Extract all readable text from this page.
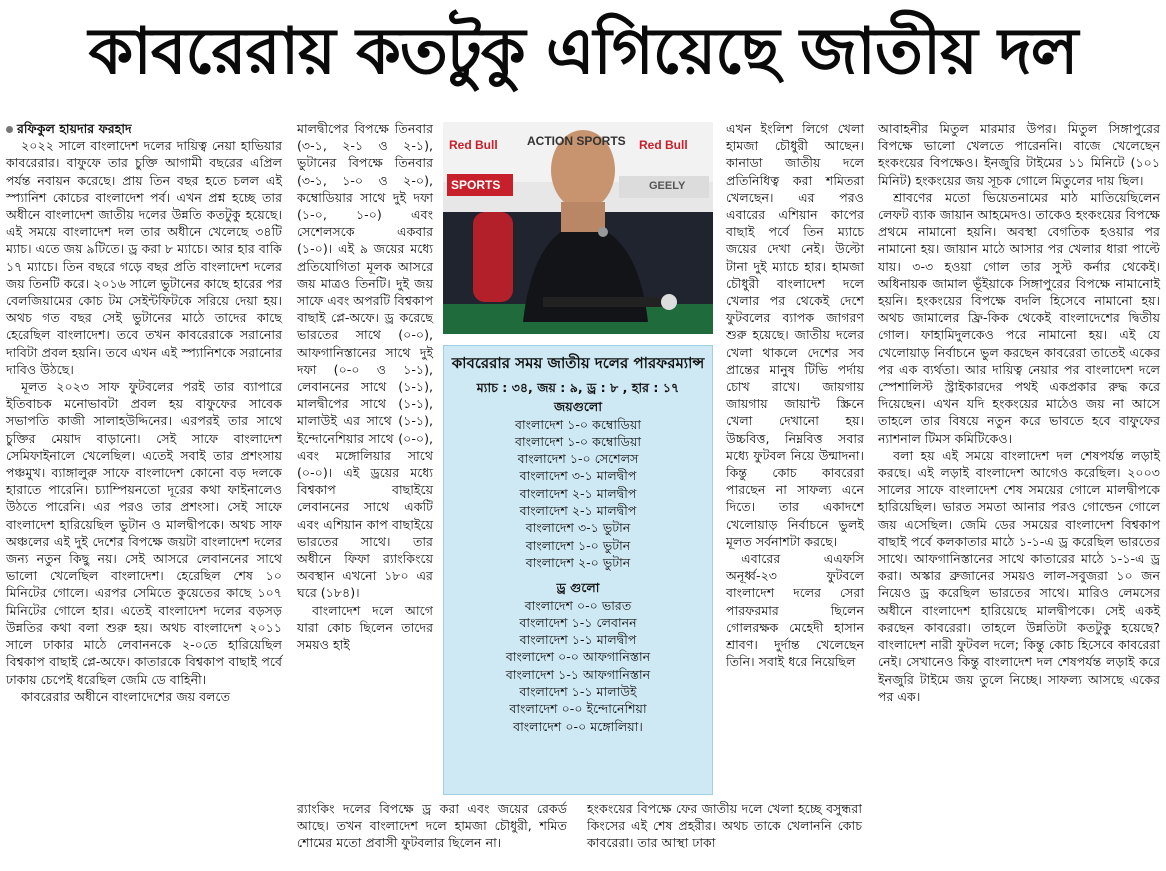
কাবরেরায় কতটুকু এগিয়েছে জাতীয় দল

রফিকুল হায়দার ফরহাদ

২০২২ সালে বাংলাদেশ দলের দায়িত্ব নেয়া হাভিয়ার কাবরেরার। বাফুফে তার চুক্তি আগামী বছরের এপ্রিল পর্যন্ত নবায়ন করেছে। প্রায় তিন বছর হতে চলল এই স্প্যানিশ কোচের বাংলাদেশ পর্ব। এখন প্রশ্ন হচ্ছে তার অধীনে বাংলাদেশ জাতীয় দলের উন্নতি কতটুকু হয়েছে। এই সময়ে বাংলাদেশ দল তার অধীনে খেলেছে ৩৪টি ম্যাচ। এতে জয় ৯টিতে। ড্র করা ৮ ম্যাচে। আর হার বাকি ১৭ ম্যাচে। তিন বছরে গড়ে বছর প্রতি বাংলাদেশ দলের জয় তিনটি করে। ২০১৬ সালে ভুটানের কাছে হারের পর বেলজিয়ামের কোচ টম সেইন্টফিটকে সরিয়ে দেয়া হয়। অথচ গত বছর সেই ভুটানের মাঠে তাদের কাছে হেরেছিল বাংলাদেশ। তবে তখন কাবরেরাকে সরানোর দাবিটা প্রবল হয়নি। তবে এখন এই স্প্যানিশকে সরানোর দাবিও উঠছে।

মূলত ২০২৩ সাফ ফুটবলের পরই তার ব্যাপারে ইতিবাচক মনোভাবটা প্রবল হয় বাফুফের সাবেক সভাপতি কাজী সালাহউদ্দিনের। এরপরই তার সাথে চুক্তির মেয়াদ বাড়ানো। সেই সাফে বাংলাদেশ সেমিফাইনালে খেলেছিল। এতেই সবাই তার প্রশংসায় পঞ্চমুখ। ব্যাঙ্গালুরু সাফে বাংলাদেশ কোনো বড় দলকে হারাতে পারেনি। চ্যাম্পিয়নতো দূরের কথা ফাইনালেও উঠতে পারেনি। এর পরও তার প্রশংসা। সেই সাফে বাংলাদেশ হারিয়েছিল ভুটান ও মালদ্বীপকে। অথচ সাফ অঞ্চলের এই দুই দেশের বিপক্ষে জয়টা বাংলাদেশ দলের জন্য নতুন কিছু নয়। সেই আসরে লেবাননের সাথে ভালো খেলেছিল বাংলাদেশ। হেরেছিল শেষ ১০ মিনিটের গোলে। এরপর সেমিতে কুয়েতের কাছে ১০৭ মিনিটের গোলে হার। এতেই বাংলাদেশ দলের বড়সড় উন্নতির কথা বলা শুরু হয়। অথচ বাংলাদেশ ২০১১ সালে ঢাকার মাঠে লেবাননকে ২-০তে হারিয়েছিল বিশ্বকাপ বাছাই প্লে-অফে। কাতারকে বিশ্বকাপ বাছাই পর্বে ঢাকায় চেপেই ধরেছিল জেমি ডে বাহিনী।

কাবরেরার অধীনে বাংলাদেশের জয় বলতে

মালদ্বীপের বিপক্ষে তিনবার (৩-১, ২-১ ও ২-১), ভুটানের বিপক্ষে তিনবার (৩-১, ১-০ ও ২-০), কম্বোডিয়ার সাথে দুই দফা (১-০, ১-০) এবং সেশেলসকে একবার (১-০)। এই ৯ জয়ের মধ্যে প্রতিযোগিতা মূলক আসরে জয় মাত্রও তিনটি। দুই জয় সাফে এবং অপরটি বিশ্বকাপ বাছাই প্লে-অফে। ড্র করেছে ভারতের সাথে (০-০), আফগানিস্তানের সাথে দুই দফা (০-০ ও ১-১), লেবাননের সাথে (১-১), মালদ্বীপের সাথে (১-১), মালাউই এর সাথে (১-১), ইন্দোনেশিয়ার সাথে (০-০), এবং মঙ্গোলিয়ার সাথে (০-০)। এই ড্রয়ের মধ্যে বিশ্বকাপ বাছাইয়ে লেবাননের সাথে একটি এবং এশিয়ান কাপ বাছাইয়ে ভারতের সাথে। তার অধীনে ফিফা র‌্যাংকিংয়ে অবস্থান এখনো ১৮০ এর ঘরে (১৮৪)।

বাংলাদেশ দলে আগে যারা কোচ ছিলেন তাদের সময়ও হাই

Red Bull ACTION SPORTS Red Bull
SPORTS	GEELY
কাবরেরার সময় জাতীয় দলের পারফরম্যান্স
ম্যাচ : ৩৪, জয় : ৯, ড্র : ৮ , হার : ১৭
জয়গুলো
বাংলাদেশ ১-০ কম্বোডিয়া
বাংলাদেশ ১-০ কম্বোডিয়া
বাংলাদেশ ১-০ সেশেলস
বাংলাদেশ ৩-১ মালদ্বীপ
বাংলাদেশ ২-১ মালদ্বীপ
বাংলাদেশ ২-১ মালদ্বীপ
বাংলাদেশ ৩-১ ভুটান
বাংলাদেশ ১-০ ভুটান
বাংলাদেশ ২-০ ভুটান
ড্র গুলো
বাংলাদেশ ০-০ ভারত
বাংলাদেশ ১-১ লেবানন
বাংলাদেশ ১-১ মালদ্বীপ
বাংলাদেশ ০-০ আফগানিস্তান
বাংলাদেশ ১-১ আফগানিস্তান
বাংলাদেশ ১-১ মালাউই
বাংলাদেশ ০-০ ইন্দোনেশিয়া
বাংলাদেশ ০-০ মঙ্গোলিয়া।
র‌্যাংকিং দলের বিপক্ষে ড্র করা এবং জয়ের রেকর্ড আছে। তখন বাংলাদেশ দলে হামজা চৌধুরী, শমিত শোমের মতো প্রবাসী ফুটবলার ছিলেন না।
হংকংয়ের বিপক্ষে ফের জাতীয় দলে খেলা হচ্ছে বসুন্ধরা কিংসের এই শেষ প্রহরীর। অথচ তাকে খেলাননি কোচ কাবরেরা। তার আস্থা ঢাকা

এখন ইংলিশ লিগে খেলা হামজা চৌধুরী আছেন। কানাডা জাতীয় দলে প্রতিনিধিত্ব করা শমিতরা খেলছেন। এর পরও এবারের এশিয়ান কাপের বাছাই পর্বে তিন ম্যাচে জয়ের দেখা নেই। উল্টো টানা দুই ম্যাচে হার। হামজা চৌধুরী বাংলাদেশ দলে খেলার পর থেকেই দেশে ফুটবলের ব্যাপক জাগরণ শুরু হয়েছে। জাতীয় দলের খেলা থাকলে দেশের সব প্রান্তের মানুষ টিভি পর্দায় চোখ রাখে। জায়গায় জায়গায় জায়ান্ট স্ক্রিনে খেলা দেখানো হয়। উচ্চবিত্ত, নিম্নবিত্ত সবার মধ্যে ফুটবল নিয়ে উন্মাদনা। কিন্তু কোচ কাবরেরা পারছেন না সাফল্য এনে দিতে। তার একাদশে খেলোয়াড় নির্বাচনে ভুলই মূলত সর্বনাশটা করছে।

এবারের এএফসি অনূর্ধ্ব-২৩ ফুটবলে বাংলাদেশ দলের সেরা পারফরমার ছিলেন গোলরক্ষক মেহেদী হাসান শ্রাবণ। দুর্দান্ত খেলেছেন তিনি। সবাই ধরে নিয়েছিল

আবাহনীর মিতুল মারমার উপর। মিতুল সিঙ্গাপুরের বিপক্ষে ভালো খেলতে পারেননি। বাজে খেলেছেন হংকংয়ের বিপক্ষেও। ইনজুরি টাইমের ১১ মিনিটে (১০১ মিনিট) হংকংয়ের জয় সূচক গোলে মিতুলের দায় ছিল।

শ্রাবণের মতো ভিয়েতনামের মাঠ মাতিয়েছিলেন লেফট ব্যাক জায়ান আহমেদও। তাকেও হংকংয়ের বিপক্ষে প্রথমে নামানো হয়নি। অবস্থা বেগতিক হওয়ার পর নামানো হয়। জায়ান মাঠে আসার পর খেলার ধারা পাল্টে যায়। ৩-৩ হওয়া গোল তার সুস্ট কর্নার থেকেই। অধিনায়ক জামাল ভূঁইয়াকে সিঙ্গাপুরের বিপক্ষে নামানোই হয়নি। হংকংয়ের বিপক্ষে বদলি হিসেবে নামানো হয়। অথচ জামালের ফ্রি-কিক থেকেই বাংলাদেশের দ্বিতীয় গোল। ফাহামিদুলকেও পরে নামানো হয়। এই যে খেলোয়াড় নির্বাচনে ভুল করছেন কাবরেরা তাতেই একের পর এক ব্যর্থতা। আর দায়িত্ব নেয়ার পর বাংলাদেশ দলে স্পেশালিস্ট স্ট্রাইকারদের পথই একপ্রকার রুদ্ধ করে দিয়েছেন। এখন যদি হংকংয়ের মাঠেও জয় না আসে তাহলে তার বিষয়ে নতুন করে ভাবতে হবে বাফুফের ন্যাশনাল টিমস কমিটিকেও।

বলা হয় এই সময়ে বাংলাদেশ দল শেষপর্যন্ত লড়াই করছে। এই লড়াই বাংলাদেশ আগেও করেছিল। ২০০৩ সালের সাফে বাংলাদেশ শেষ সময়ের গোলে মালদ্বীপকে হারিয়েছিল। ভারত সমতা আনার পরও গোল্ডেন গোলে জয় এসেছিল। জেমি ডের সময়ের বাংলাদেশ বিশ্বকাপ বাছাই পর্বে কলকাতার মাঠে ১-১-এ ড্র করেছিল ভারতের সাথে। আফগানিস্তানের সাথে কাতারের মাঠে ১-১-এ ড্র করা। অস্কার ব্রুজানের সময়ও লাল-সবুজরা ১০ জন নিয়েও ড্র করেছিল ভারতের সাথে। মারিও লেমসের অধীনে বাংলাদেশ হারিয়েছে মালদ্বীপকে। সেই একই করছেন কাবরেরা। তাহলে উন্নতিটা কতটুকু হয়েছে? বাংলাদেশ নারী ফুটবল দলে; কিন্তু কোচ হিসেবে কাবরেরা নেই। সেখানেও কিন্তু বাংলাদেশ দল শেষপর্যন্ত লড়াই করে ইনজুরি টাইমে জয় তুলে নিচ্ছে। সাফল্য আসছে একের পর এক।
